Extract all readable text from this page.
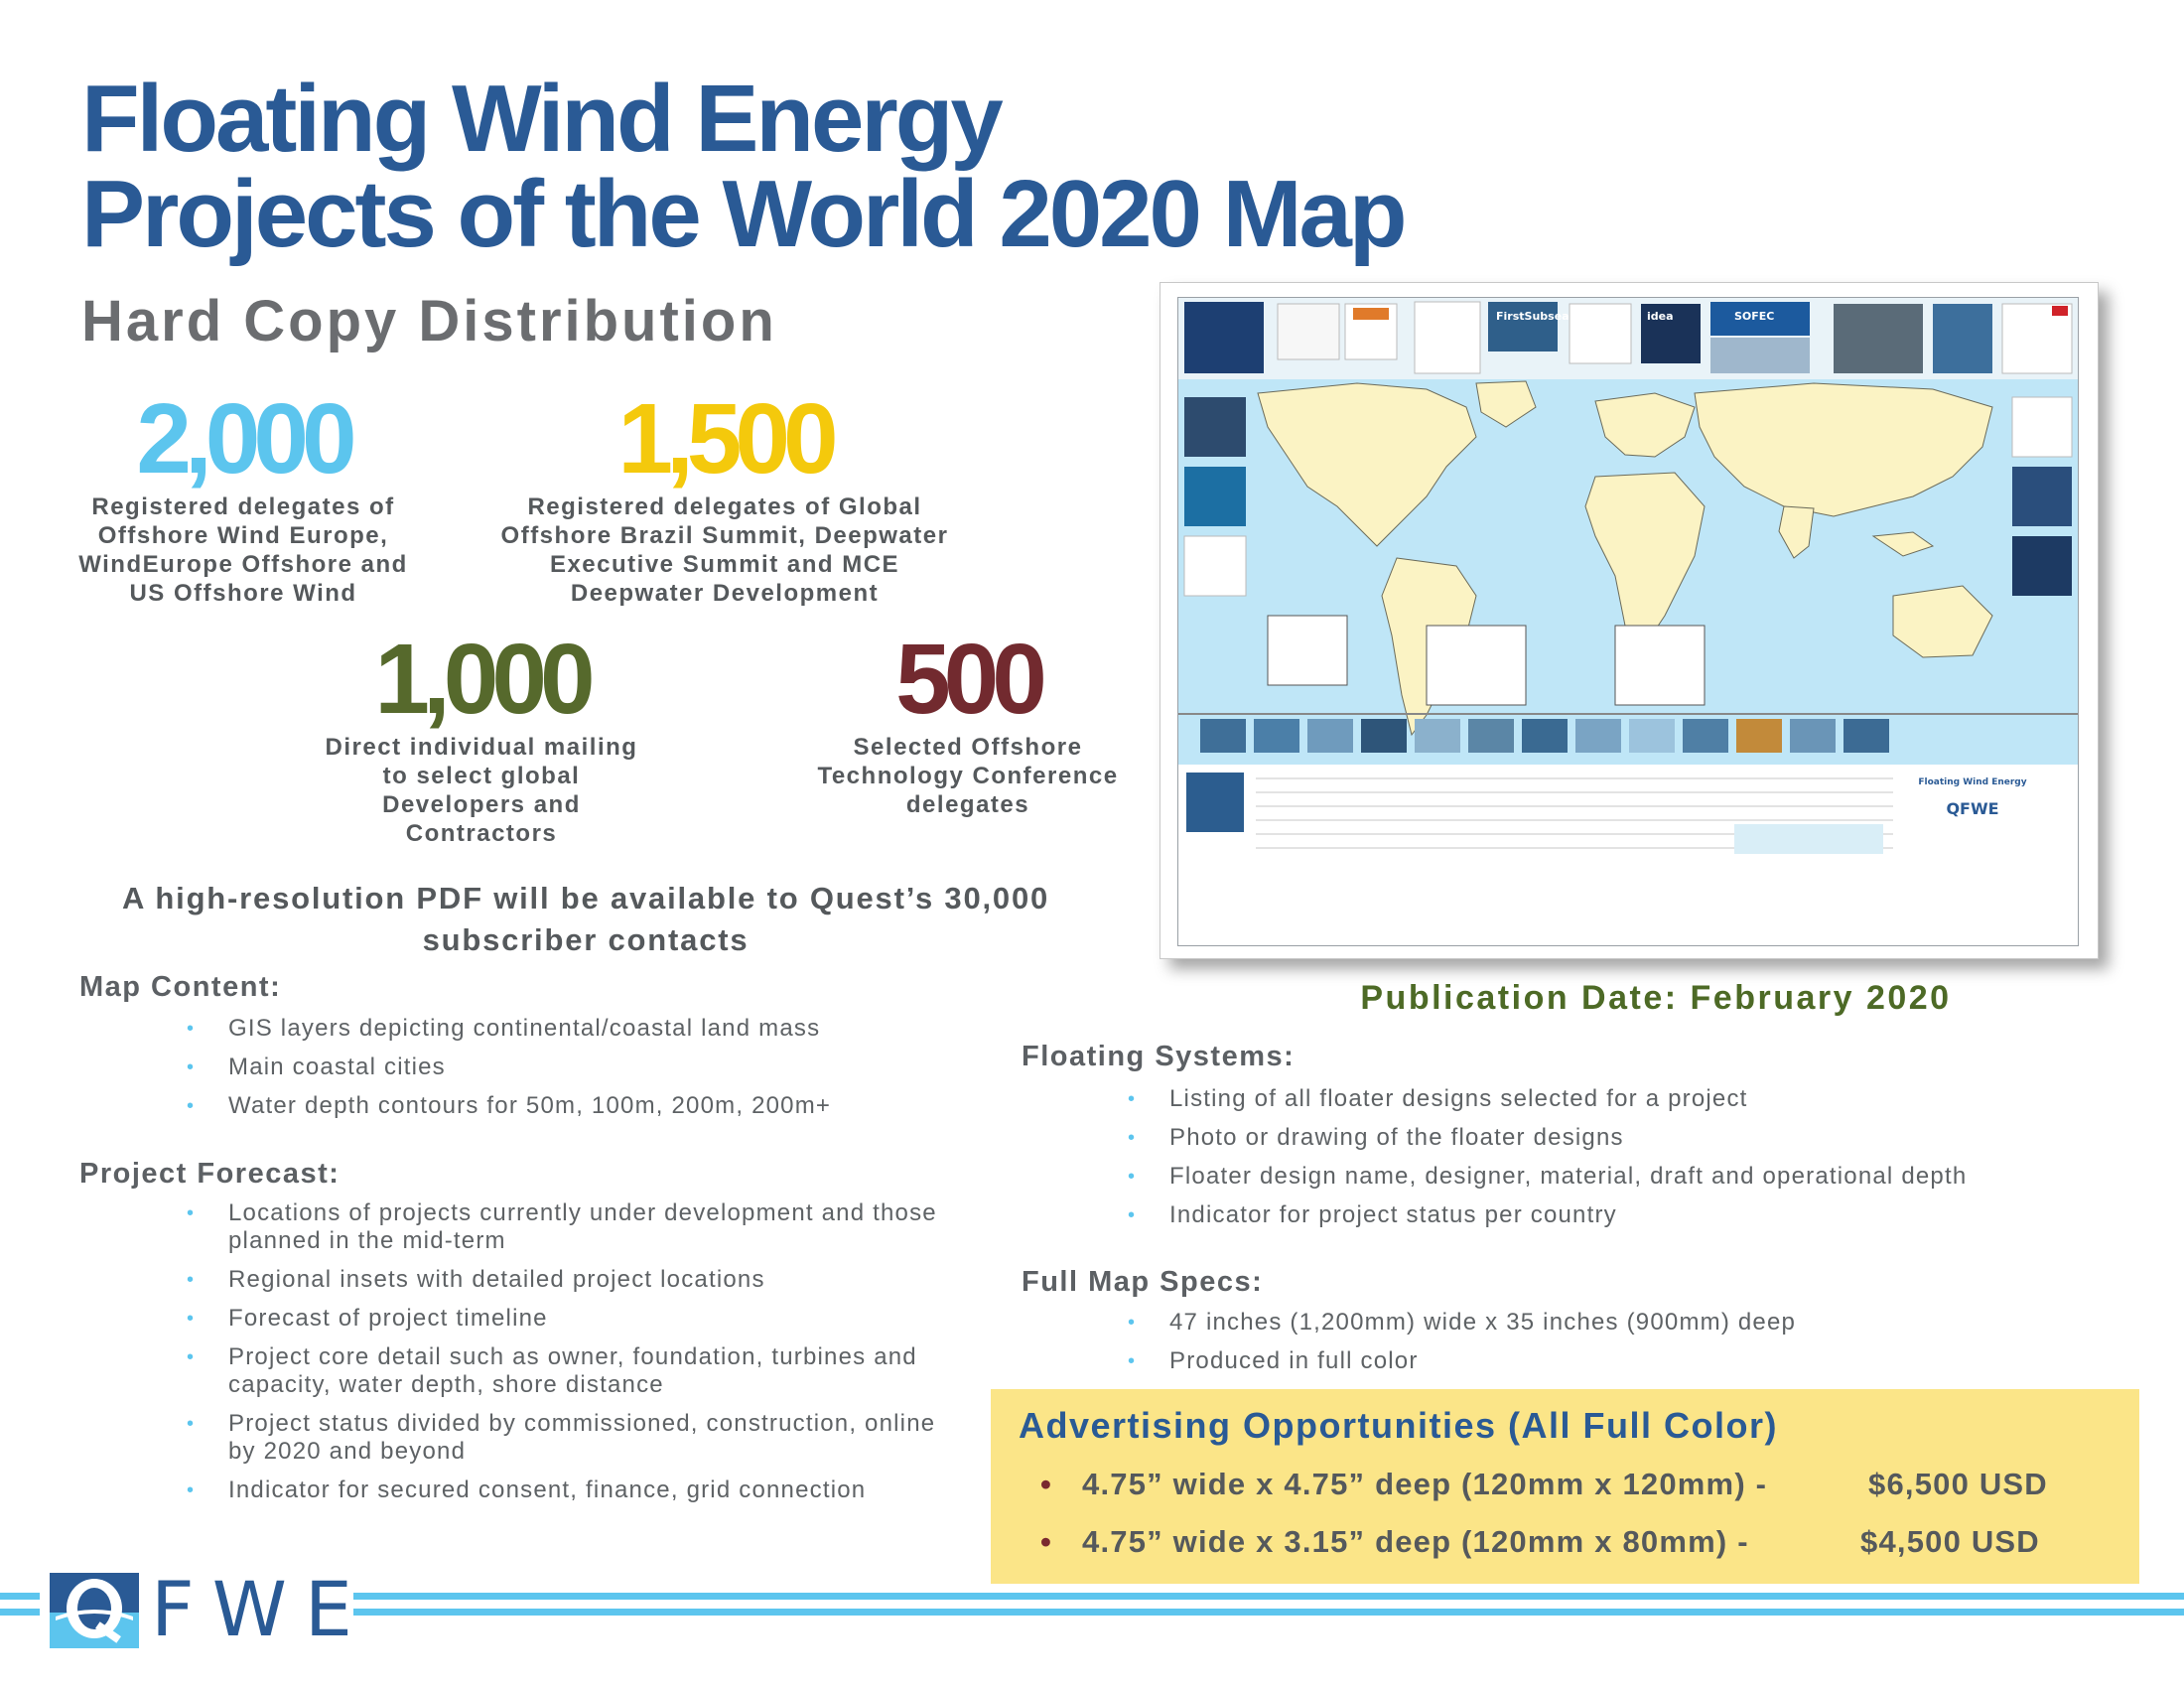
Floating Wind Energy
Projects of the World 2020 Map
Hard Copy Distribution
2,000
Registered delegates of Offshore Wind Europe, WindEurope Offshore and US Offshore Wind
1,500
Registered delegates of Global Offshore Brazil Summit, Deepwater Executive Summit and MCE Deepwater Development
1,000
Direct individual mailing to select global Developers and Contractors
500
Selected Offshore Technology Conference delegates
A high-resolution PDF will be available to Quest’s 30,000 subscriber contacts
Map Content:
• GIS layers depicting continental/coastal land mass
• Main coastal cities
• Water depth contours for 50m, 100m, 200m, 200m+
Project Forecast:
• Locations of projects currently under development and those planned in the mid-term
• Regional insets with detailed project locations
• Forecast of project timeline
• Project core detail such as owner, foundation, turbines and capacity, water depth, shore distance
• Project status divided by commissioned, construction, online by 2020 and beyond
• Indicator for secured consent, finance, grid connection
FirstSubsea	idea	SOFEC
Floating Wind Energy
QFWE
Publication Date: February 2020
Floating Systems:
• Listing of all floater designs selected for a project
• Photo or drawing of the floater designs
• Floater design name, designer, material, draft and operational depth
• Indicator for project status per country
Full Map Specs:
• 47 inches (1,200mm) wide x 35 inches (900mm) deep
• Produced in full color
Advertising Opportunities (All Full Color)
• 4.75” wide x 4.75” deep (120mm x 120mm) -	$6,500 USD
• 4.75” wide x 3.15” deep (120mm x 80mm) -	$4,500 USD
FWE
